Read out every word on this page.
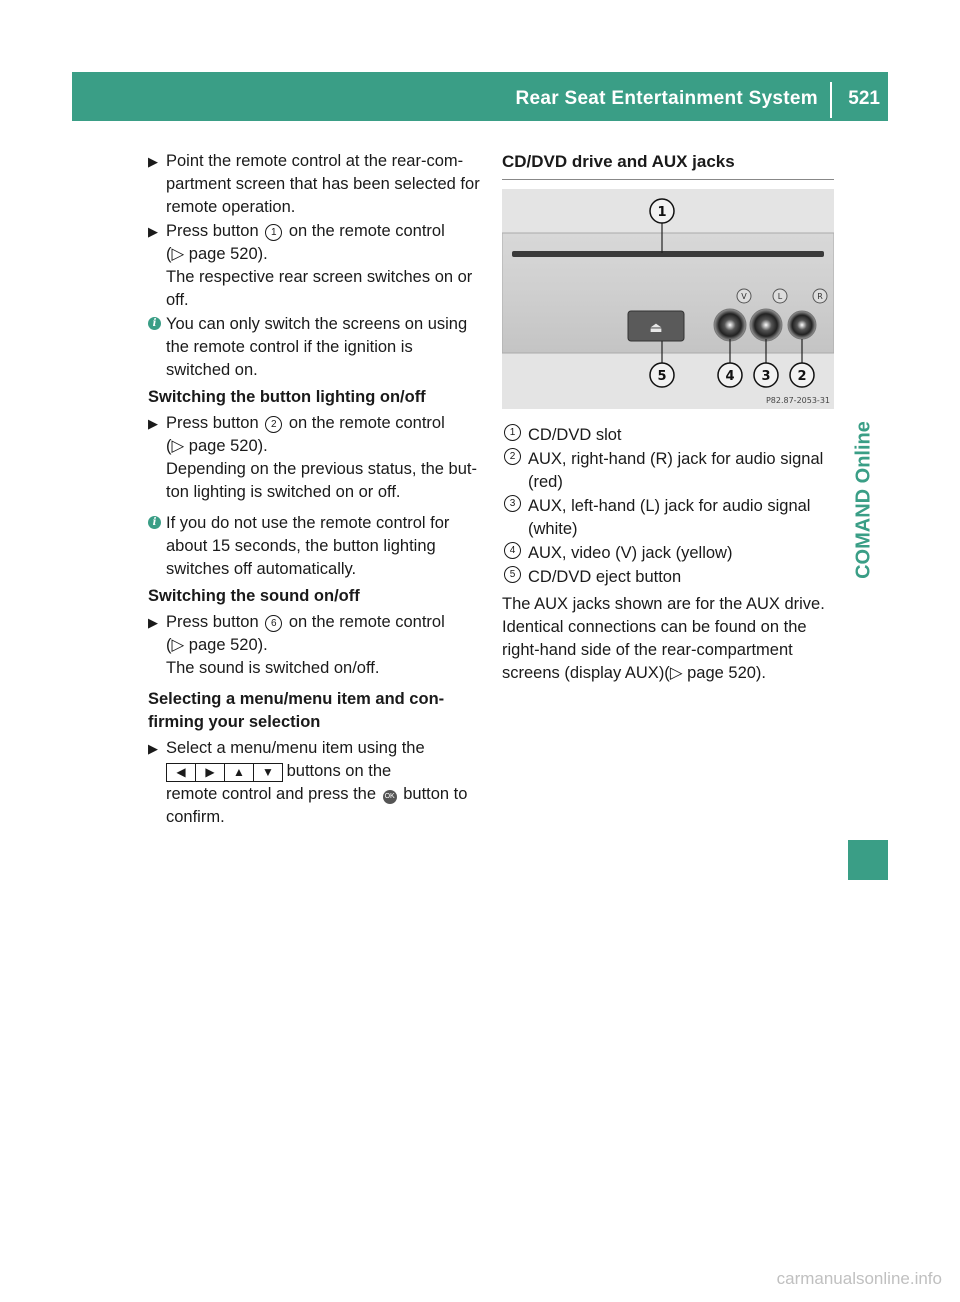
Rear Seat Entertainment System 521
COMAND Online
▶ Point the remote control at the rear-com-
partment screen that has been selected for
remote operation.
▶ Press button 1 on the remote control
(▷ page 520).
The respective rear screen switches on or
off.
i You can only switch the screens on using
the remote control if the ignition is
switched on.
Switching the button lighting on/off
▶ Press button 2 on the remote control
(▷ page 520).
Depending on the previous status, the but-
ton lighting is switched on or off.
i If you do not use the remote control for
about 15 seconds, the button lighting
switches off automatically.
Switching the sound on/off
▶ Press button 6 on the remote control
(▷ page 520).
The sound is switched on/off.
Selecting a menu/menu item and con-
firming your selection
▶ Select a menu/menu item using the
◀ ▶ ▲ ▼ buttons on the
remote control and press the OK button to
confirm.
CD/DVD drive and AUX jacks
⏏
V	L	R
1
5	4 3 2
P82.87-2053-31
1 CD/DVD slot
2 AUX, right-hand (R) jack for audio signal
(red)
3 AUX, left-hand (L) jack for audio signal
(white)
4 AUX, video (V) jack (yellow)
5 CD/DVD eject button
The AUX jacks shown are for the AUX drive.
Identical connections can be found on the
right-hand side of the rear-compartment
screens (display AUX)(▷ page 520).
carmanualsonline.info
